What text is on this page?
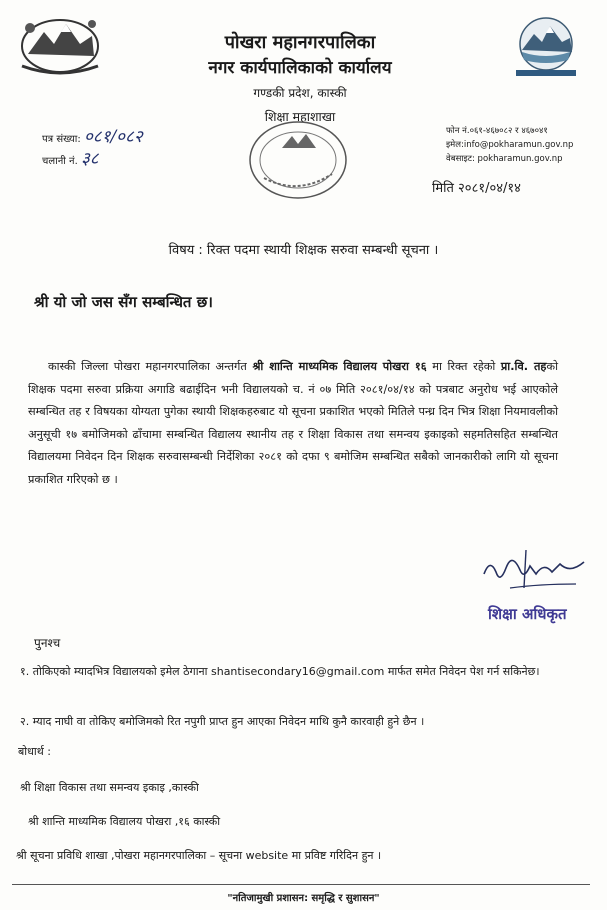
पोखरा महानगरपालिका
नगर कार्यपालिकाको कार्यालय
गण्डकी प्रदेश, कास्की
शिक्षा महाशाखा
पत्र संख्या: ०८१/०८२
चलानी नं. ३८
फोन नं.०६१-४६७०८२ र ४६७०४१
इमेल:info@pokharamun.gov.np
वेबसाइट: pokharamun.gov.np
मिति २०८१/०४/१४
विषय : रिक्त पदमा स्थायी शिक्षक सरुवा सम्बन्धी सूचना ।
श्री यो जो जस सँग सम्बन्धित छ।
कास्की जिल्ला पोखरा महानगरपालिका अन्तर्गत श्री शान्ति माध्यमिक विद्यालय पोखरा १६ मा रिक्त रहेको प्रा.वि. तहको शिक्षक पदमा सरुवा प्रक्रिया अगाडि बढाईदिन भनी विद्यालयको च. नं ०७ मिति २०८१/०४/१४ को पत्रबाट अनुरोध भई आएकोले सम्बन्धित तह र विषयका योग्यता पुगेका स्थायी शिक्षकहरुबाट यो सूचना प्रकाशित भएको मितिले पन्ध्र दिन भित्र शिक्षा नियमावलीको अनुसूची १७ बमोजिमको ढाँचामा सम्बन्धित विद्यालय स्थानीय तह र शिक्षा विकास तथा समन्वय इकाइको सहमतिसहित सम्बन्धित विद्यालयमा निवेदन दिन शिक्षक सरुवासम्बन्धी निर्देशिका २०८१ को दफा ९ बमोजिम सम्बन्धित सबैको जानकारीको लागि यो सूचना प्रकाशित गरिएको छ ।
शिक्षा अधिकृत
पुनश्च
१. तोकिएको म्यादभित्र विद्यालयको इमेल ठेगाना shantisecondary16@gmail.com मार्फत समेत निवेदन पेश गर्न सकिनेछ।
२. म्याद नाघी वा तोकिए बमोजिमको रित नपुगी प्राप्त हुन आएका निवेदन माथि कुनै कारवाही हुने छैन ।
बोधार्थ :
श्री शिक्षा विकास तथा समन्वय इकाइ ,कास्की
श्री शान्ति माध्यमिक विद्यालय पोखरा ,१६ कास्की
श्री सूचना प्रविधि शाखा ,पोखरा महानगरपालिका – सूचना website मा प्रविष्ट गरिदिन हुन ।
"नतिजामुखी प्रशासन: समृद्धि र सुशासन"
